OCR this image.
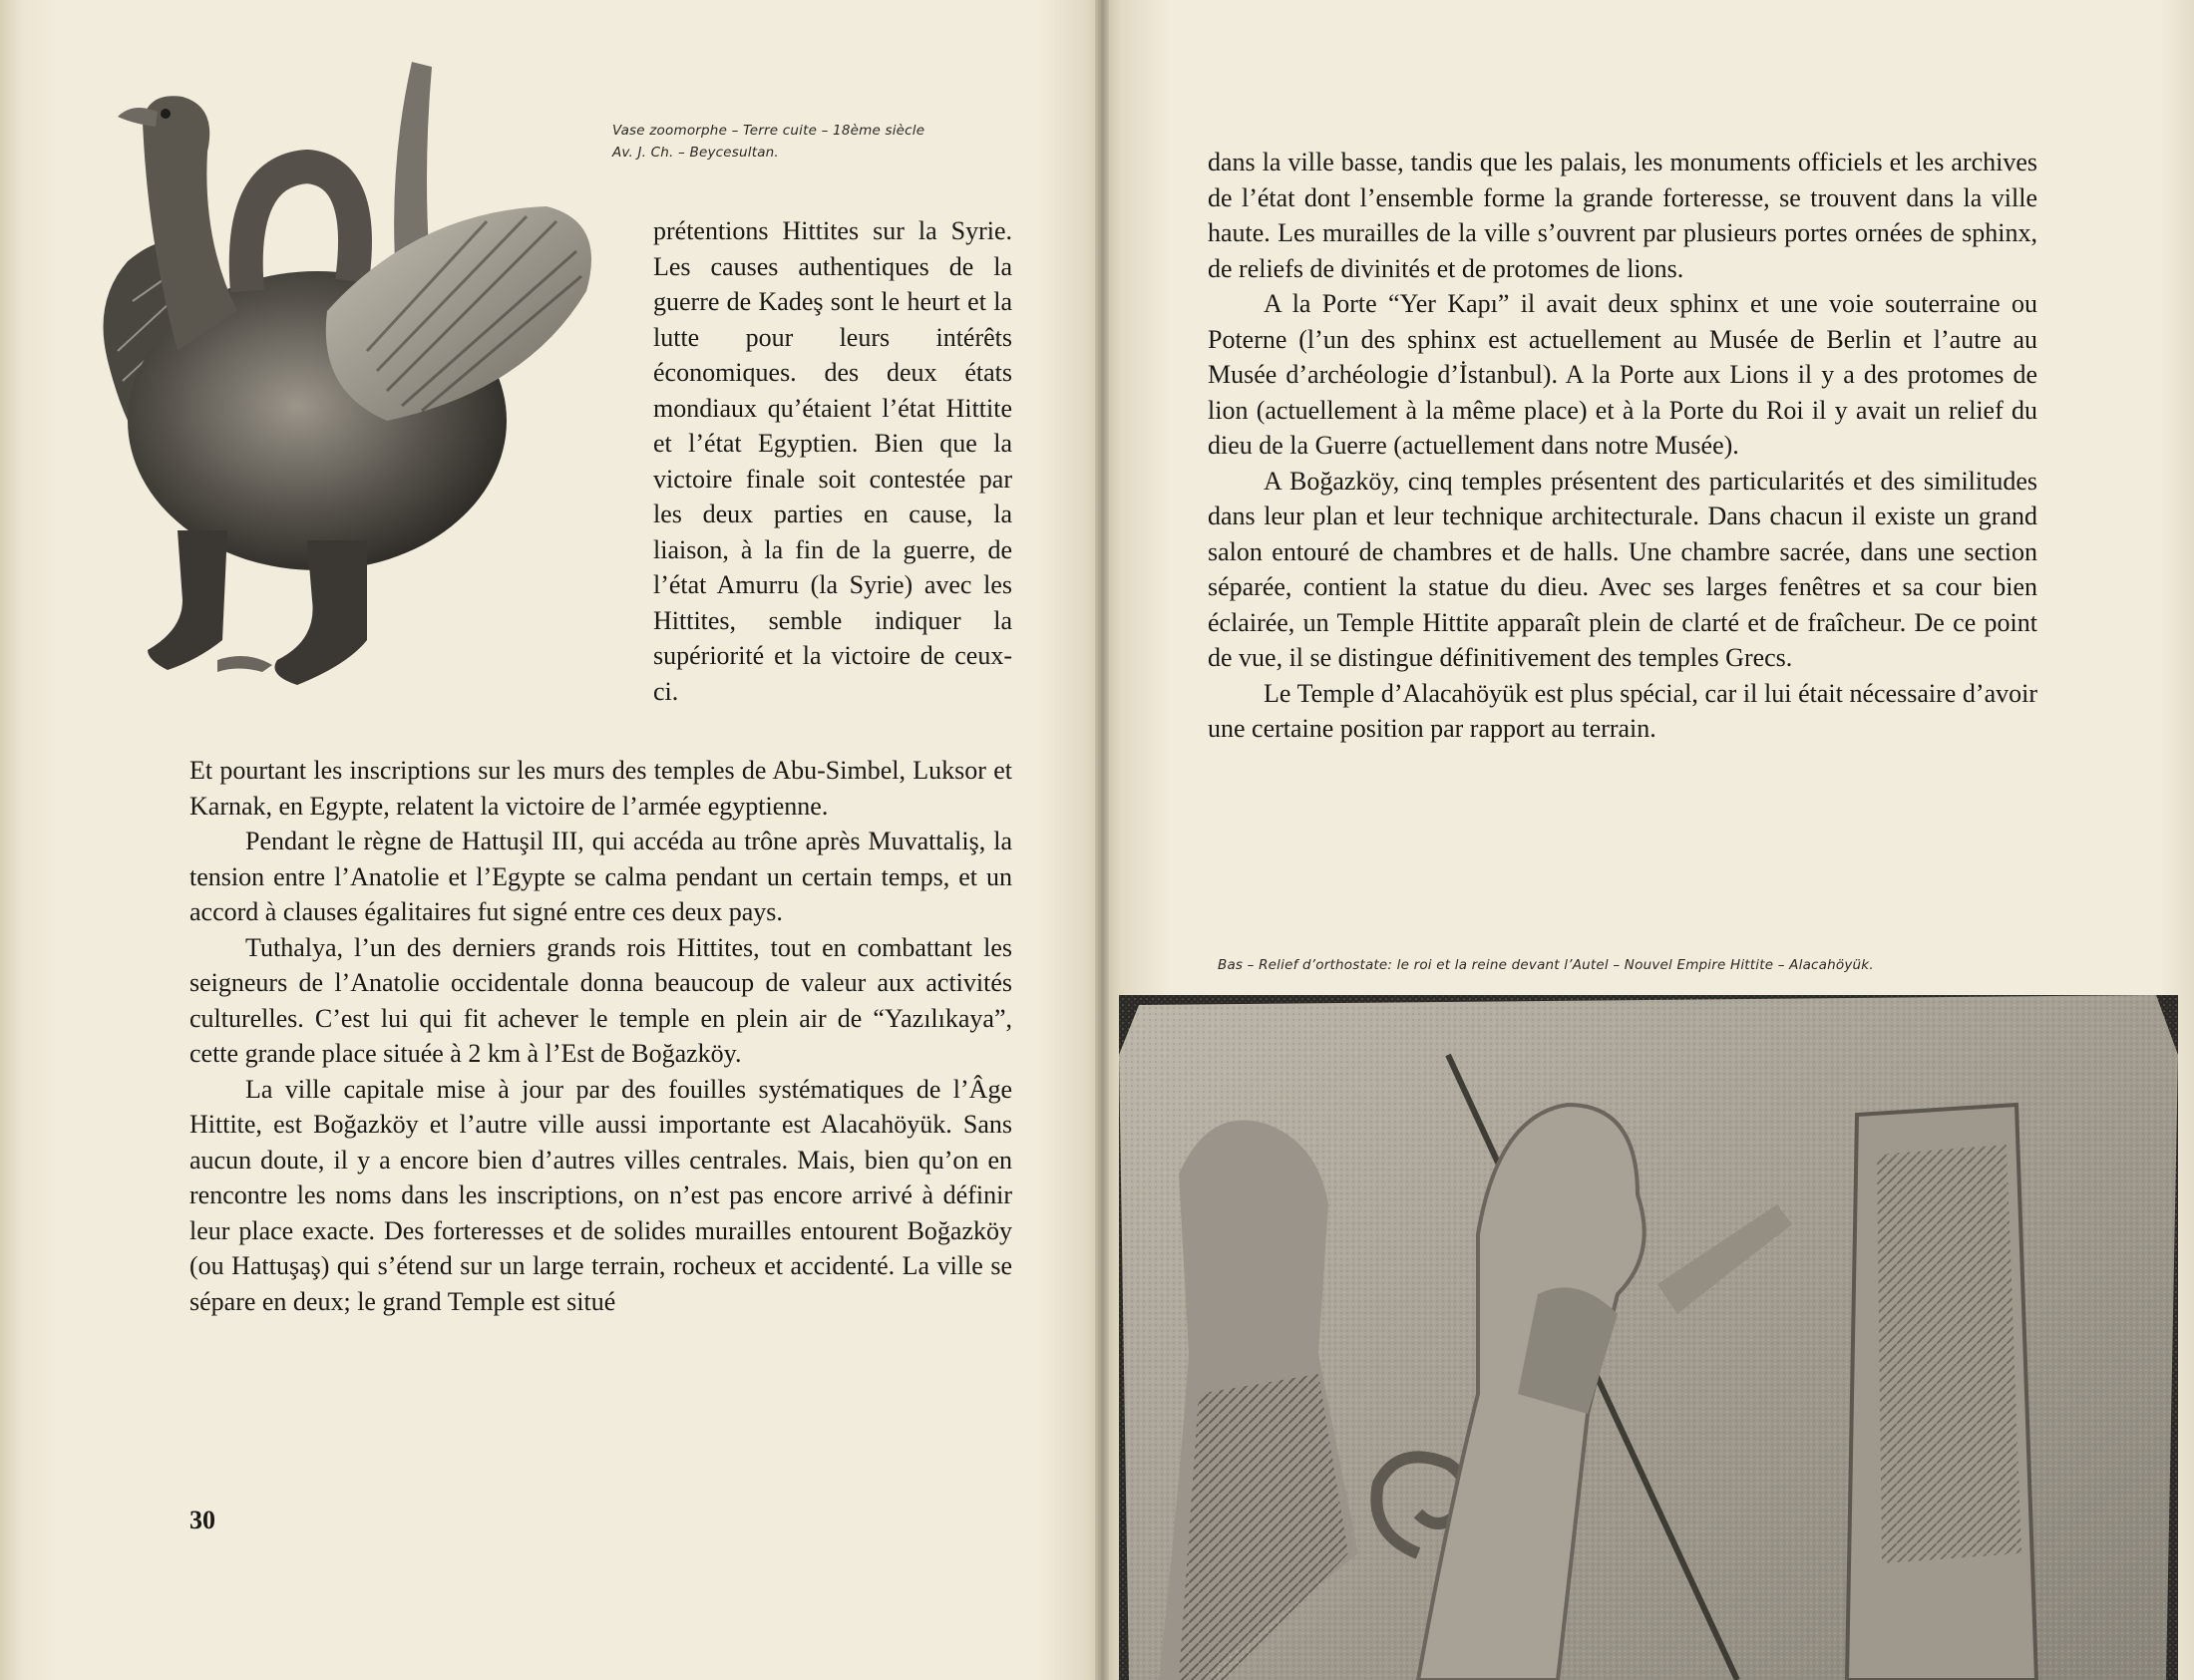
Vase zoomorphe – Terre cuite – 18ème siècle Av. J. Ch. – Beycesultan.
prétentions Hittites sur la Syrie. Les causes authentiques de la guerre de Kadeş sont le heurt et la lutte pour leurs intérêts économiques. des deux états mondiaux qu’étaient l’état Hittite et l’état Egyptien. Bien que la victoire finale soit contestée par les deux parties en cause, la liaison, à la fin de la guerre, de l’état Amurru (la Syrie) avec les Hittites, semble indiquer la supériorité et la victoire de ceux-ci.

Et pourtant les inscriptions sur les murs des temples de Abu-Simbel, Luksor et Karnak, en Egypte, relatent la victoire de l’armée egyptienne.

Pendant le règne de Hattuşil III, qui accéda au trône après Muvattaliş, la tension entre l’Anatolie et l’Egypte se calma pendant un certain temps, et un accord à clauses égalitaires fut signé entre ces deux pays.

Tuthalya, l’un des derniers grands rois Hittites, tout en combattant les seigneurs de l’Anatolie occidentale donna beaucoup de valeur aux activités culturelles. C’est lui qui fit achever le temple en plein air de “Yazılıkaya”, cette grande place située à 2 km à l’Est de Boğazköy.

La ville capitale mise à jour par des fouilles systématiques de l’Âge Hittite, est Boğazköy et l’autre ville aussi importante est Alacahöyük. Sans aucun doute, il y a encore bien d’autres villes centrales. Mais, bien qu’on en rencontre les noms dans les inscriptions, on n’est pas encore arrivé à définir leur place exacte. Des forteresses et de solides murailles entourent Boğazköy (ou Hattuşaş) qui s’étend sur un large terrain, rocheux et accidenté. La ville se sépare en deux; le grand Temple est situé

30

dans la ville basse, tandis que les palais, les monuments officiels et les archives de l’état dont l’ensemble forme la grande forteresse, se trouvent dans la ville haute. Les murailles de la ville s’ouvrent par plusieurs portes ornées de sphinx, de reliefs de divinités et de protomes de lions.

A la Porte “Yer Kapı” il avait deux sphinx et une voie souterraine ou Poterne (l’un des sphinx est actuellement au Musée de Berlin et l’autre au Musée d’archéologie d’İstanbul). A la Porte aux Lions il y a des protomes de lion (actuellement à la même place) et à la Porte du Roi il y avait un relief du dieu de la Guerre (actuellement dans notre Musée).

A Boğazköy, cinq temples présentent des particularités et des similitudes dans leur plan et leur technique architecturale. Dans chacun il existe un grand salon entouré de chambres et de halls. Une chambre sacrée, dans une section séparée, contient la statue du dieu. Avec ses larges fenêtres et sa cour bien éclairée, un Temple Hittite apparaît plein de clarté et de fraîcheur. De ce point de vue, il se distingue définitivement des temples Grecs.

Le Temple d’Alacahöyük est plus spécial, car il lui était nécessaire d’avoir une certaine position par rapport au terrain.

Bas – Relief d’orthostate: le roi et la reine devant l’Autel – Nouvel Empire Hittite – Alacahöyük.
